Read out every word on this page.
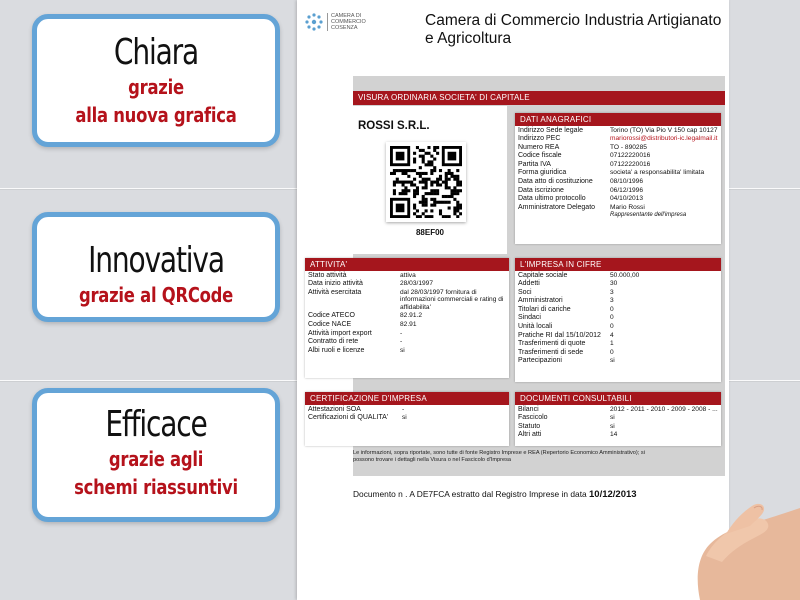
Chiara
grazie
alla nuova grafica
Innovativa
grazie al QRCode
Efficace
grazie agli
schemi riassuntivi
CAMERA DI COMMERCIO COSENZA	Camera di Commercio Industria Artigianato e Agricoltura
VISURA ORDINARIA SOCIETA' DI CAPITALE
ROSSI S.R.L.
88EF00
DATI ANAGRAFICI
Indirizzo Sede legale	Torino (TO) Via Pio V 150 cap 10127
Indirizzo PEC	mariorossi@distributori-ic.legalmail.it
Numero REA	TO - 890285
Codice fiscale	07122220016
Partita IVA	07122220016
Forma giuridica	societa' a responsabilita' limitata
Data atto di costituzione	08/10/1996
Data iscrizione	06/12/1996
Data ultimo protocollo	04/10/2013
Amministratore Delegato	Mario Rossi
Rappresentante dell'impresa
ATTIVITA'
Stato attività	attiva
Data inizio attività	28/03/1997
Attività esercitata	dal 28/03/1997 fornitura di informazioni commerciali e rating di affidabilita'
Codice ATECO	82.91.2
Codice NACE	82.91
Attività import export	-
Contratto di rete	-
Albi ruoli e licenze	si
L'IMPRESA IN CIFRE
Capitale sociale	50.000,00
Addetti	30
Soci	3
Amministratori	3
Titolari di cariche	0
Sindaci	0
Unità locali	0
Pratiche RI dal 15/10/2012	4
Trasferimenti di quote	1
Trasferimenti di sede	0
Partecipazioni	si
CERTIFICAZIONE D'IMPRESA
Attestazioni SOA	-
Certificazioni di QUALITA'	si
DOCUMENTI CONSULTABILI
Bilanci	2012 - 2011 - 2010 - 2009 - 2008 - ...
Fascicolo	si
Statuto	si
Altri atti	14
Le informazioni, sopra riportate, sono tutte di fonte Registro Imprese e REA (Repertorio Economico Amministrativo); si possono trovare i dettagli nella Visura o nel Fascicolo d'Impresa
Documento n . A DE7FCA estratto dal Registro Imprese in data 10/12/2013
